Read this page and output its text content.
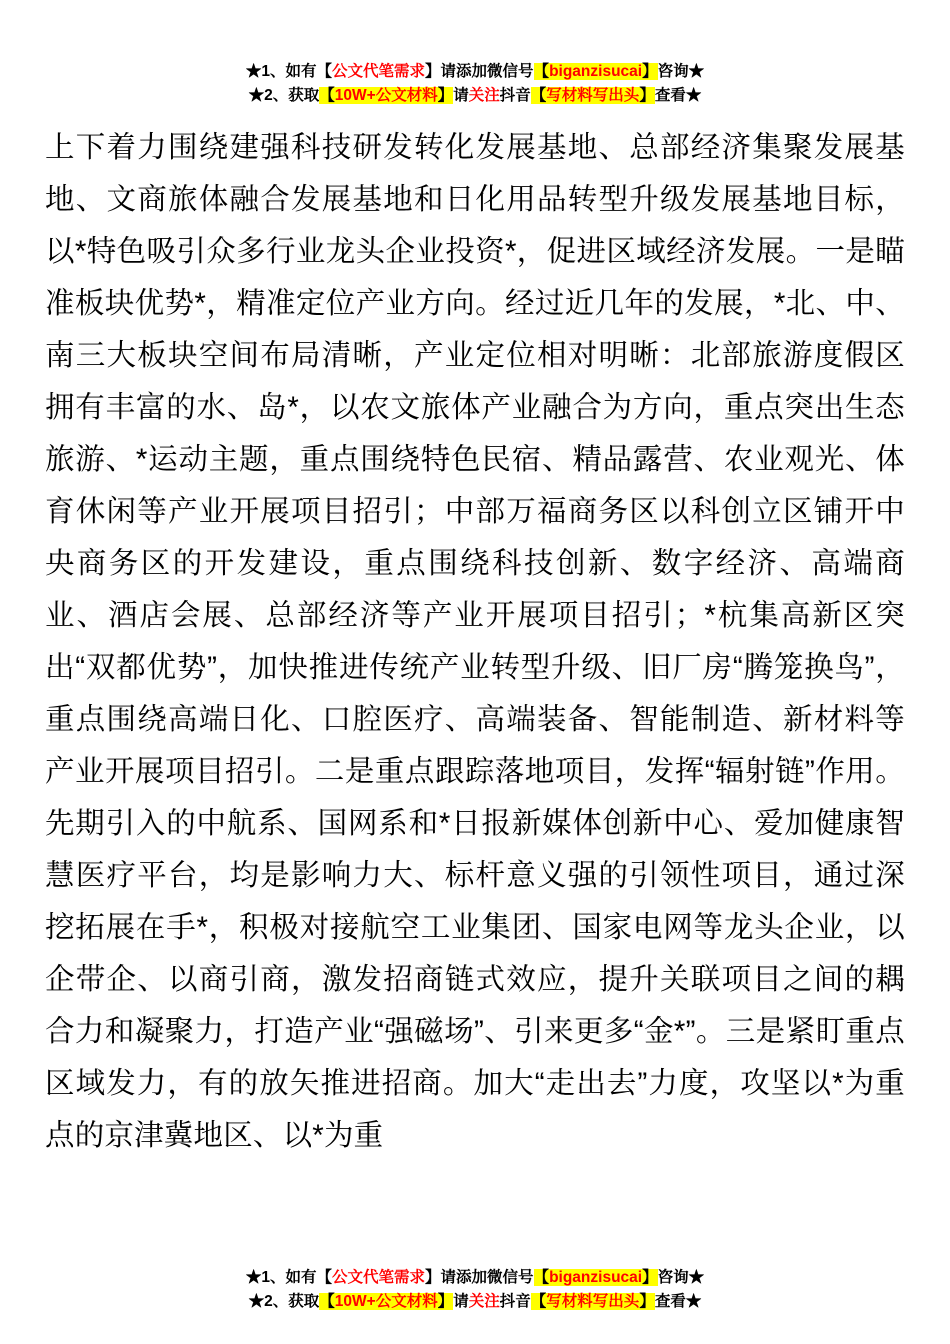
★1、如有【公文代笔需求】请添加微信号【biganzisucai】咨询★
★2、获取【10W+公文材料】请关注抖音【写材料写出头】查看★

上下着力围绕建强科技研发转化发展基地、总部经济集聚发展基地、文商旅体融合发展基地和日化用品转型升级发展基地目标，以*特色吸引众多行业龙头企业投资*，促进区域经济发展。一是瞄准板块优势*，精准定位产业方向。经过近几年的发展，*北、中、南三大板块空间布局清晰，产业定位相对明晰：北部旅游度假区拥有丰富的水、岛*，以农文旅体产业融合为方向，重点突出生态旅游、*运动主题，重点围绕特色民宿、精品露营、农业观光、体育休闲等产业开展项目招引；中部万福商务区以科创立区铺开中央商务区的开发建设，重点围绕科技创新、数字经济、高端商业、酒店会展、总部经济等产业开展项目招引；*杭集高新区突出“双都优势”，加快推进传统产业转型升级、旧厂房“腾笼换鸟”，重点围绕高端日化、口腔医疗、高端装备、智能制造、新材料等产业开展项目招引。二是重点跟踪落地项目，发挥“辐射链”作用。先期引入的中航系、国网系和*日报新媒体创新中心、爱加健康智慧医疗平台，均是影响力大、标杆意义强的引领性项目，通过深挖拓展在手*，积极对接航空工业集团、国家电网等龙头企业，以企带企、以商引商，激发招商链式效应，提升关联项目之间的耦合力和凝聚力，打造产业“强磁场”、引来更多“金*”。三是紧盯重点区域发力，有的放矢推进招商。加大“走出去”力度，攻坚以*为重点的京津冀地区、以*为重

★1、如有【公文代笔需求】请添加微信号【biganzisucai】咨询★
★2、获取【10W+公文材料】请关注抖音【写材料写出头】查看★
